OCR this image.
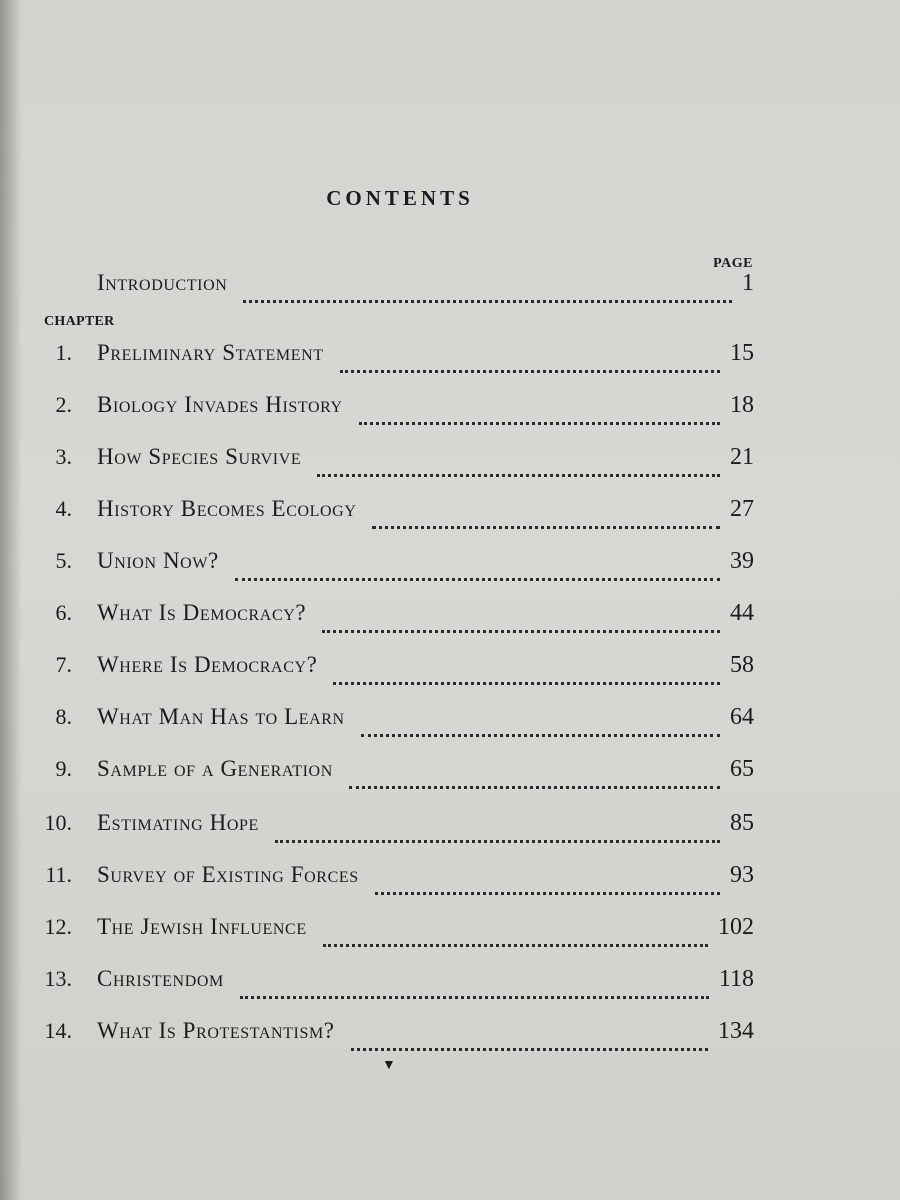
CONTENTS
PAGE
Introduction	1
CHAPTER
1. Preliminary Statement	15
2. Biology Invades History	18
3. How Species Survive	21
4. History Becomes Ecology	27
5. Union Now?	39
6. What Is Democracy?	44
7. Where Is Democracy?	58
8. What Man Has to Learn	64
9. Sample of a Generation	65
10. Estimating Hope	85
11. Survey of Existing Forces	93
12. The Jewish Influence	102
13. Christendom	118
14. What Is Protestantism?	134
▼
